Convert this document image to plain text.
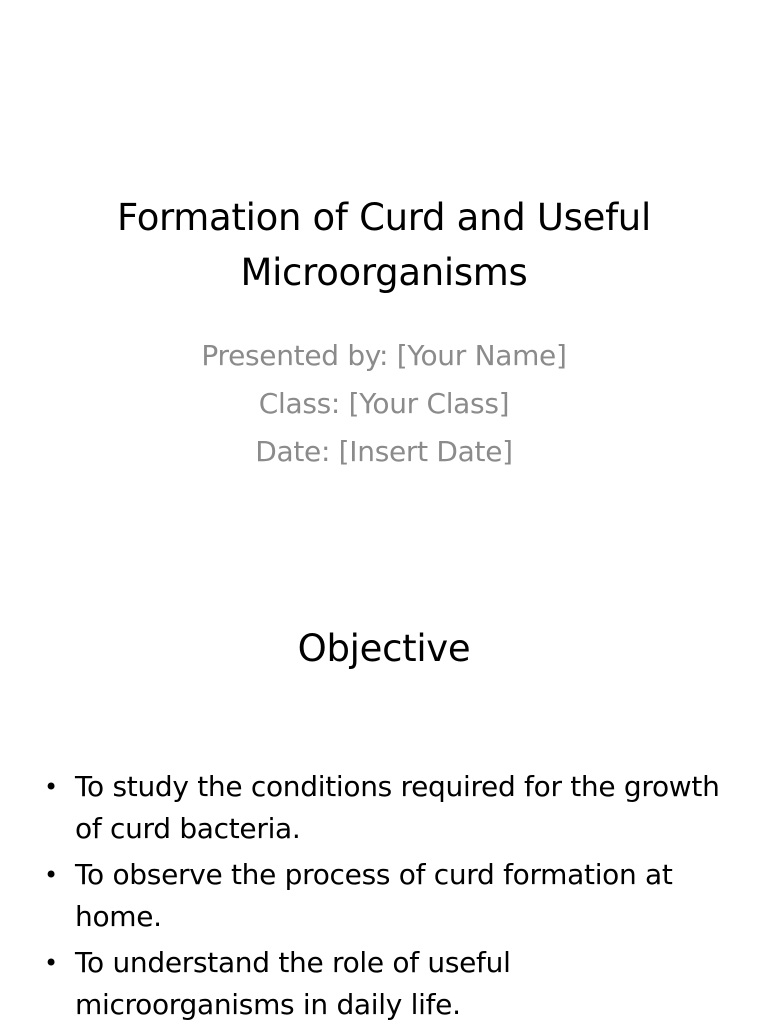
Formation of Curd and Useful
Microorganisms
Presented by: [Your Name]
Class: [Your Class]
Date: [Insert Date]
Objective
• To study the conditions required for the growth of curd bacteria.
• To observe the process of curd formation at home.
• To understand the role of useful microorganisms in daily life.
